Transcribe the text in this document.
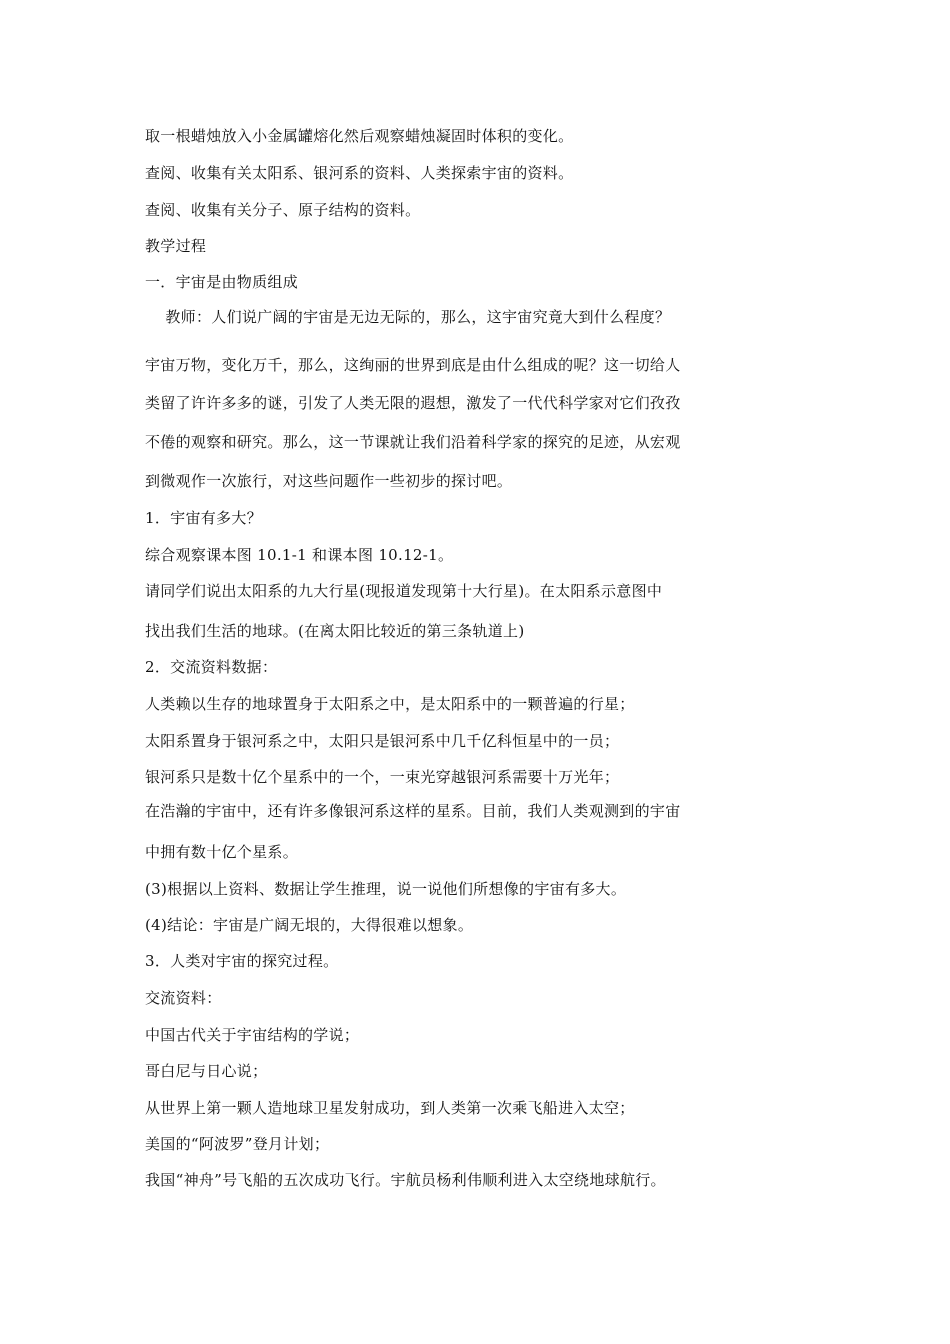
取一根蜡烛放入小金属罐熔化然后观察蜡烛凝固时体积的变化。
查阅、收集有关太阳系、银河系的资料、人类探索宇宙的资料。
查阅、收集有关分子、原子结构的资料。
教学过程
一．宇宙是由物质组成
　 教师：人们说广阔的宇宙是无边无际的，那么，这宇宙究竟大到什么程度？
宇宙万物，变化万千，那么，这绚丽的世界到底是由什么组成的呢？这一切给人
类留了许许多多的谜，引发了人类无限的遐想，激发了一代代科学家对它们孜孜
不倦的观察和研究。那么，这一节课就让我们沿着科学家的探究的足迹，从宏观
到微观作一次旅行，对这些问题作一些初步的探讨吧。
1．宇宙有多大？
综合观察课本图 10.1-1 和课本图 10.12-1。
请同学们说出太阳系的九大行星(现报道发现第十大行星)。在太阳系示意图中
找出我们生活的地球。(在离太阳比较近的第三条轨道上)
2．交流资料数据：
人类赖以生存的地球置身于太阳系之中，是太阳系中的一颗普遍的行星；
太阳系置身于银河系之中，太阳只是银河系中几千亿科恒星中的一员；
银河系只是数十亿个星系中的一个，一束光穿越银河系需要十万光年；
在浩瀚的宇宙中，还有许多像银河系这样的星系。目前，我们人类观测到的宇宙
中拥有数十亿个星系。
(3)根据以上资料、数据让学生推理，说一说他们所想像的宇宙有多大。
(4)结论：宇宙是广阔无垠的，大得很难以想象。
3．人类对宇宙的探究过程。
交流资料：
中国古代关于宇宙结构的学说；
哥白尼与日心说；
从世界上第一颗人造地球卫星发射成功，到人类第一次乘飞船进入太空；
美国的“阿波罗”登月计划；
我国“神舟”号飞船的五次成功飞行。宇航员杨利伟顺利进入太空绕地球航行。
